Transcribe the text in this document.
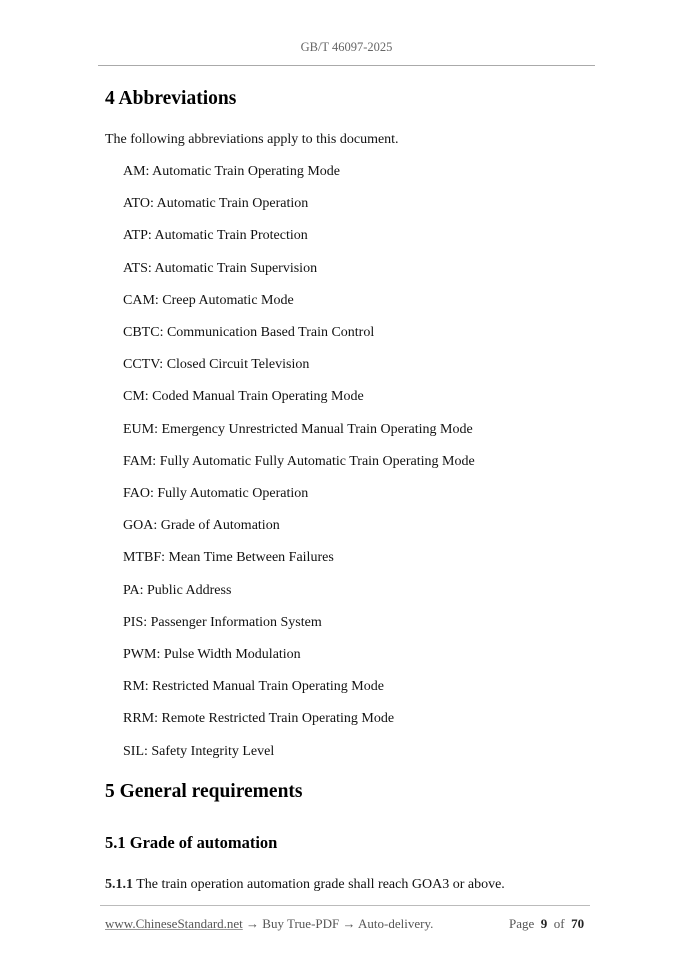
GB/T 46097-2025
4 Abbreviations
The following abbreviations apply to this document.
AM: Automatic Train Operating Mode
ATO: Automatic Train Operation
ATP: Automatic Train Protection
ATS: Automatic Train Supervision
CAM: Creep Automatic Mode
CBTC: Communication Based Train Control
CCTV: Closed Circuit Television
CM: Coded Manual Train Operating Mode
EUM: Emergency Unrestricted Manual Train Operating Mode
FAM: Fully Automatic Fully Automatic Train Operating Mode
FAO: Fully Automatic Operation
GOA: Grade of Automation
MTBF: Mean Time Between Failures
PA: Public Address
PIS: Passenger Information System
PWM: Pulse Width Modulation
RM: Restricted Manual Train Operating Mode
RRM: Remote Restricted Train Operating Mode
SIL: Safety Integrity Level
5 General requirements
5.1 Grade of automation
5.1.1 The train operation automation grade shall reach GOA3 or above.
www.ChineseStandard.net → Buy True-PDF → Auto-delivery.	Page 9 of 70
